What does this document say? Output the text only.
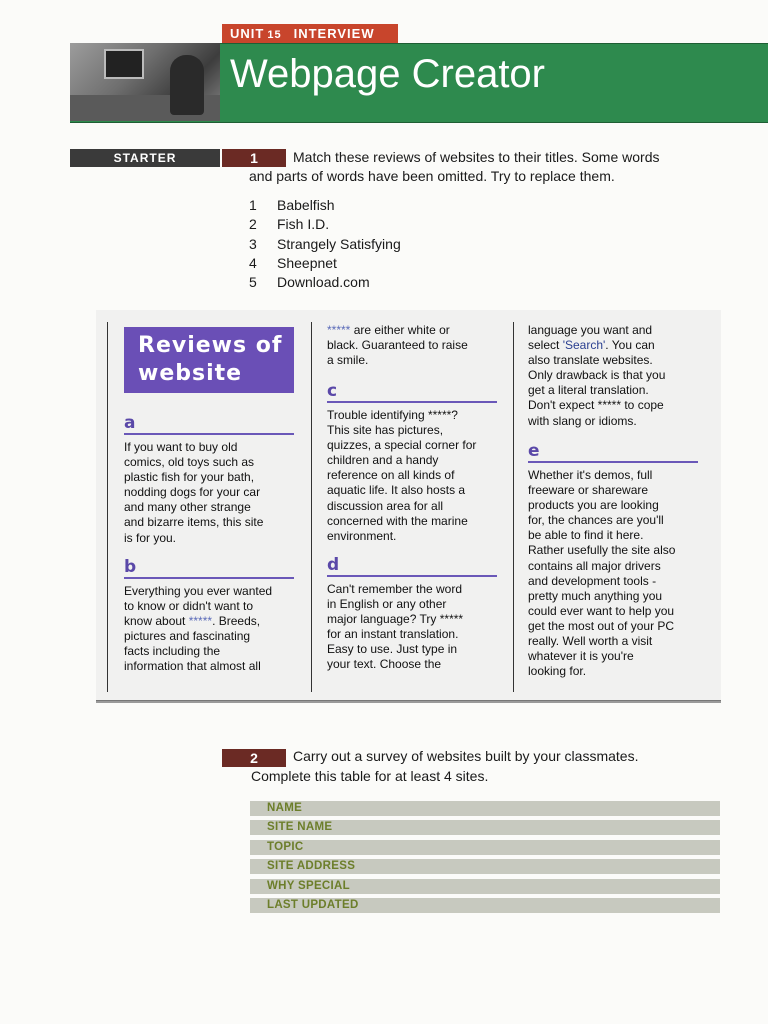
UNIT 15 INTERVIEW
Webpage Creator
STARTER	1	Match these reviews of websites to their titles. Some words
and parts of words have been omitted. Try to replace them.
1 Babelfish
2 Fish I.D.
3 Strangely Satisfying
4 Sheepnet
5 Download.com
Reviews of
website
a
If you want to buy old
comics, old toys such as
plastic fish for your bath,
nodding dogs for your car
and many other strange
and bizarre items, this site
is for you.
b
Everything you ever wanted
to know or didn't want to
know about *****. Breeds,
pictures and fascinating
facts including the
information that almost all
***** are either white or
black. Guaranteed to raise
a smile.
c
Trouble identifying *****?
This site has pictures,
quizzes, a special corner for
children and a handy
reference on all kinds of
aquatic life. It also hosts a
discussion area for all
concerned with the marine
environment.
d
Can't remember the word
in English or any other
major language? Try *****
for an instant translation.
Easy to use. Just type in
your text. Choose the
language you want and
select 'Search'. You can
also translate websites.
Only drawback is that you
get a literal translation.
Don't expect ***** to cope
with slang or idioms.
e
Whether it's demos, full
freeware or shareware
products you are looking
for, the chances are you'll
be able to find it here.
Rather usefully the site also
contains all major drivers
and development tools -
pretty much anything you
could ever want to help you
get the most out of your PC
really. Well worth a visit
whatever it is you're
looking for.
2	Carry out a survey of websites built by your classmates.
Complete this table for at least 4 sites.
NAME
SITE NAME
TOPIC
SITE ADDRESS
WHY SPECIAL
LAST UPDATED
